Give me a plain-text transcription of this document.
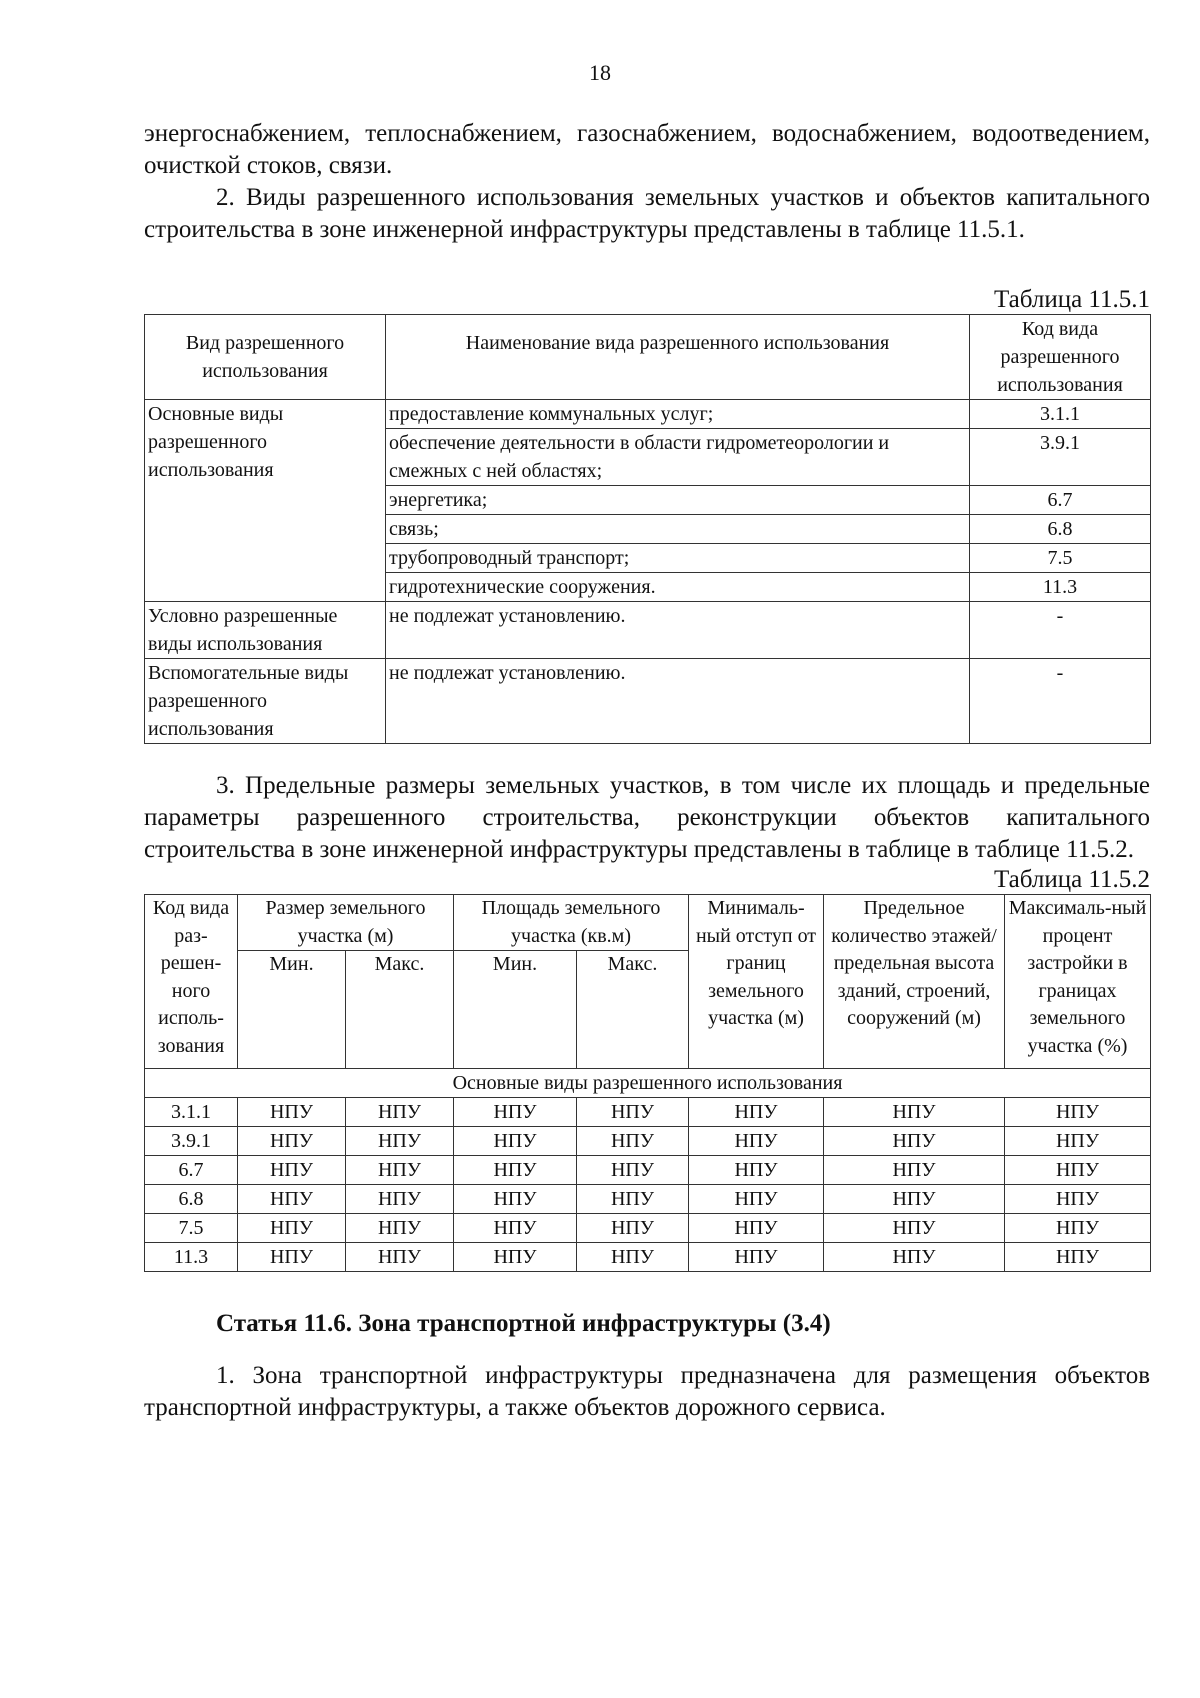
18

энергоснабжением, теплоснабжением, газоснабжением, водоснабжением, водоотведением, очисткой стоков, связи.

2. Виды разрешенного использования земельных участков и объектов капитального строительства в зоне инженерной инфраструктуры представлены в таблице 11.5.1.

Таблица 11.5.1
Вид разрешенного использования	Наименование вида разрешенного использования	Код вида разрешенного использования
Основные виды разрешенного использования	предоставление коммунальных услуг;	3.1.1
	обеспечение деятельности в области гидрометеорологии и смежных с ней областях;	3.9.1
	энергетика;	6.7
	связь;	6.8
	трубопроводный транспорт;	7.5
	гидротехнические сооружения.	11.3
Условно разрешенные виды использования	не подлежат установлению.	-
Вспомогательные виды разрешенного использования	не подлежат установлению.	-

3. Предельные размеры земельных участков, в том числе их площадь и предельные параметры разрешенного строительства, реконструкции объектов капитального строительства в зоне инженерной инфраструктуры представлены в таблице в таблице 11.5.2.

Таблица 11.5.2
Код вида раз-решен-ного исполь-зования	Размер земельного участка (м)		Площадь земельного участка (кв.м)		Минималь-ный отступ от границ земельного участка (м)	Предельное количество этажей/ предельная высота зданий, строений, сооружений (м)	Максималь-ный процент застройки в границах земельного участка (%)
	Мин.	Макс.	Мин.	Макс.			
Основные виды разрешенного использования							
3.1.1	НПУ	НПУ	НПУ	НПУ	НПУ	НПУ	НПУ
3.9.1	НПУ	НПУ	НПУ	НПУ	НПУ	НПУ	НПУ
6.7	НПУ	НПУ	НПУ	НПУ	НПУ	НПУ	НПУ
6.8	НПУ	НПУ	НПУ	НПУ	НПУ	НПУ	НПУ
7.5	НПУ	НПУ	НПУ	НПУ	НПУ	НПУ	НПУ
11.3	НПУ	НПУ	НПУ	НПУ	НПУ	НПУ	НПУ
Статья 11.6. Зона транспортной инфраструктуры (3.4)

1. Зона транспортной инфраструктуры предназначена для размещения объектов транспортной инфраструктуры, а также объектов дорожного сервиса.
